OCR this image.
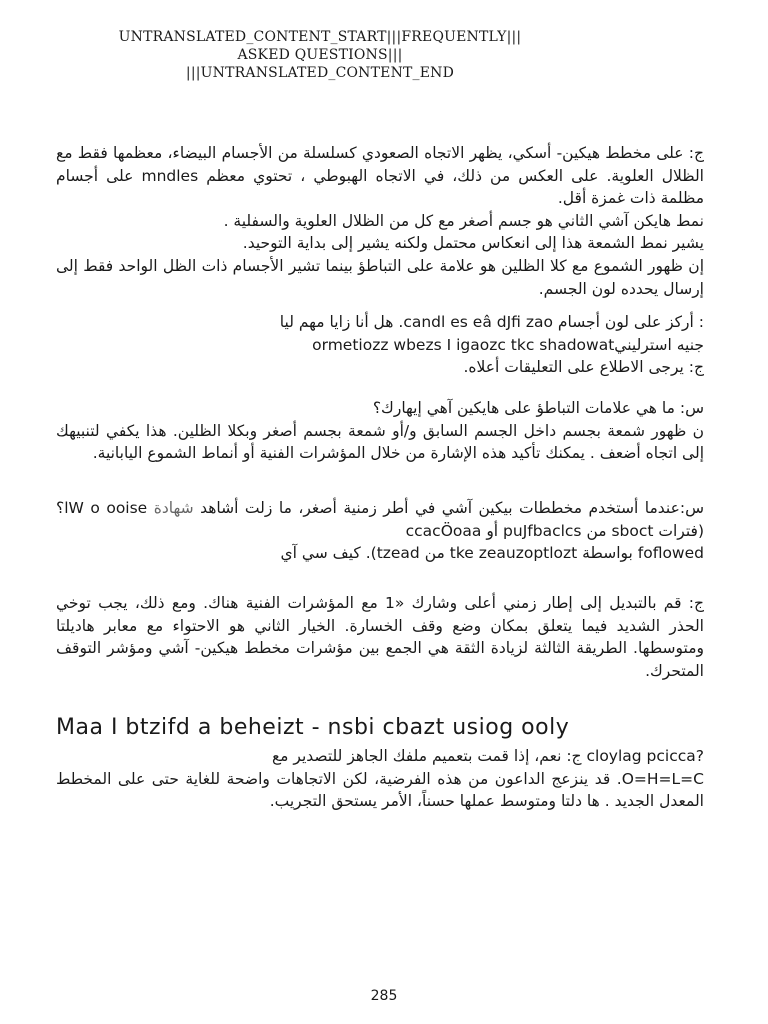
UNTRANSLATED_CONTENT_START|||FREQUENTLY|||
ASKED QUESTIONS|||
|||UNTRANSLATED_CONTENT_END

ج: على مخطط هيكين- أسكي، يظهر الاتجاه الصعودي كسلسلة من الأجسام البيضاء، معظمها فقط مع الظلال العلوية. على العكس من ذلك، في الاتجاه الهبوطي ، تحتوي معظم mndles على أجسام مظلمة ذات غمزة أقل.

نمط هايكن آشي الثاني هو جسم أصغر مع كل من الظلال العلوية والسفلية .

يشير نمط الشمعة هذا إلى انعكاس محتمل ولكنه يشير إلى بداية التوحيد.

إن ظهور الشموع مع كلا الظلين هو علامة على التباطؤ بينما تشير الأجسام ذات الظل الواحد فقط إلى إرسال يحدده لون الجسم.

: أركز على لون أجسام candl es eâ dJfi zao. هل أنا زايا مهم ليا

جنيه استرلينيormetiozz wbezs I igaozc tkc shadowat

ج: يرجى الاطلاع على التعليقات أعلاه.

س: ما هي علامات التباطؤ على هايكين آهي إيهارك؟

ن ظهور شمعة بجسم داخل الجسم السابق و/أو شمعة بجسم أصغر وبكلا الظلين. هذا يكفي لتنبيهك إلى اتجاه أضعف . يمكنك تأكيد هذه الإشارة من خلال المؤشرات الفنية أو أنماط الشموع اليابانية.

س:عندما أستخدم مخططات بيكين آشي في أطر زمنية أصغر، ما زلت أشاهد شهادة lW o ooise؟ (فترات sboct من puJfbaclcs أو ccacÖoaa

foflowed بواسطة tke zeauzoptlozt من tzead). كيف سي آي

ج: قم بالتبديل إلى إطار زمني أعلى وشارك «1 مع المؤشرات الفنية هناك. ومع ذلك، يجب توخي الحذر الشديد فيما يتعلق بمكان وضع وقف الخسارة. الخيار الثاني هو الاحتواء مع معابر هاديلتا ومتوسطها. الطريقة الثالثة لزيادة الثقة هي الجمع بين مؤشرات مخطط هيكين- آشي ومؤشر التوقف المتحرك.

Maa I btzifd a beheizt - nsbi cbazt usiog ooly

?cloylag pcicca ج: نعم، إذا قمت بتعميم ملفك الجاهز للتصدير مع

O=H=L=C. قد ينزعج الداعون من هذه الفرضية، لكن الاتجاهات واضحة للغاية حتى على المخطط المعدل الجديد . ها دلتا ومتوسط عملها حسناً، الأمر يستحق التجريب.

285
